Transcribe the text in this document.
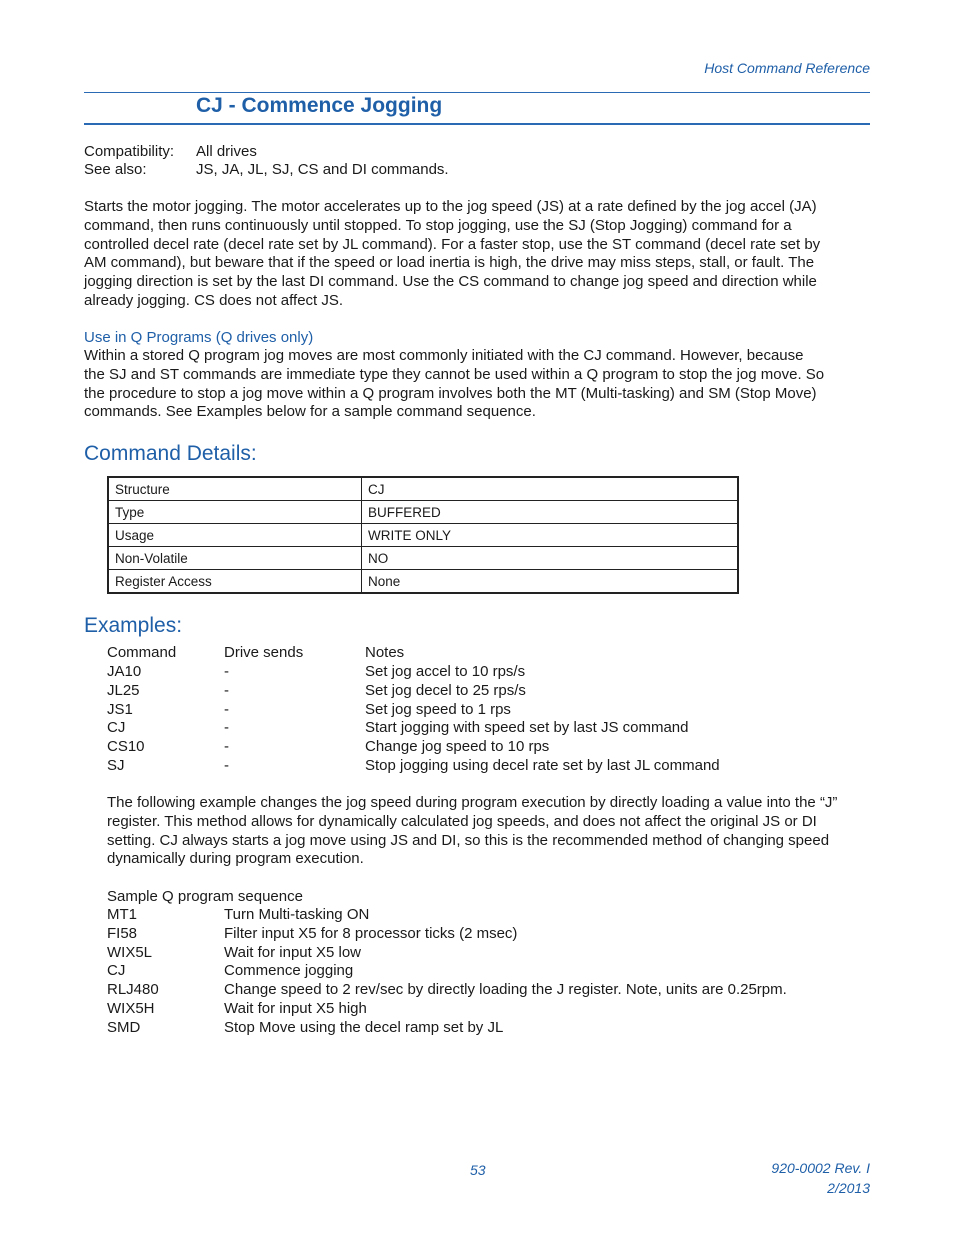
Host Command Reference
CJ - Commence Jogging
Compatibility: All drives
See also:	JS, JA, JL, SJ, CS and DI commands.
Starts the motor jogging. The motor accelerates up to the jog speed (JS) at a rate defined by the jog accel (JA)
command, then runs continuously until stopped. To stop jogging, use the SJ (Stop Jogging) command for a
controlled decel rate (decel rate set by JL command). For a faster stop, use the ST command (decel rate set by
AM command), but beware that if the speed or load inertia is high, the drive may miss steps, stall, or fault. The
jogging direction is set by the last DI command. Use the CS command to change jog speed and direction while
already jogging. CS does not affect JS.
Use in Q Programs (Q drives only)
Within a stored Q program jog moves are most commonly initiated with the CJ command. However, because
the SJ and ST commands are immediate type they cannot be used within a Q program to stop the jog move. So
the procedure to stop a jog move within a Q program involves both the MT (Multi-tasking) and SM (Stop Move)
commands. See Examples below for a sample command sequence.
Command Details:
Structure	CJ
Type	BUFFERED
Usage	WRITE ONLY
Non-Volatile	NO
Register Access	None
Examples:
Command	Drive sends	Notes
JA10	-	Set jog accel to 10 rps/s
JL25	-	Set jog decel to 25 rps/s
JS1	-	Set jog speed to 1 rps
CJ	-	Start jogging with speed set by last JS command
CS10	-	Change jog speed to 10 rps
SJ	-	Stop jogging using decel rate set by last JL command
The following example changes the jog speed during program execution by directly loading a value into the “J”
register. This method allows for dynamically calculated jog speeds, and does not affect the original JS or DI
setting. CJ always starts a jog move using JS and DI, so this is the recommended method of changing speed
dynamically during program execution.
Sample Q program sequence
MT1	Turn Multi-tasking ON
FI58	Filter input X5 for 8 processor ticks (2 msec)
WIX5L	Wait for input X5 low
CJ	Commence jogging
RLJ480	Change speed to 2 rev/sec by directly loading the J register. Note, units are 0.25rpm.
WIX5H	Wait for input X5 high
SMD	Stop Move using the decel ramp set by JL
53	920-0002 Rev. I
2/2013
